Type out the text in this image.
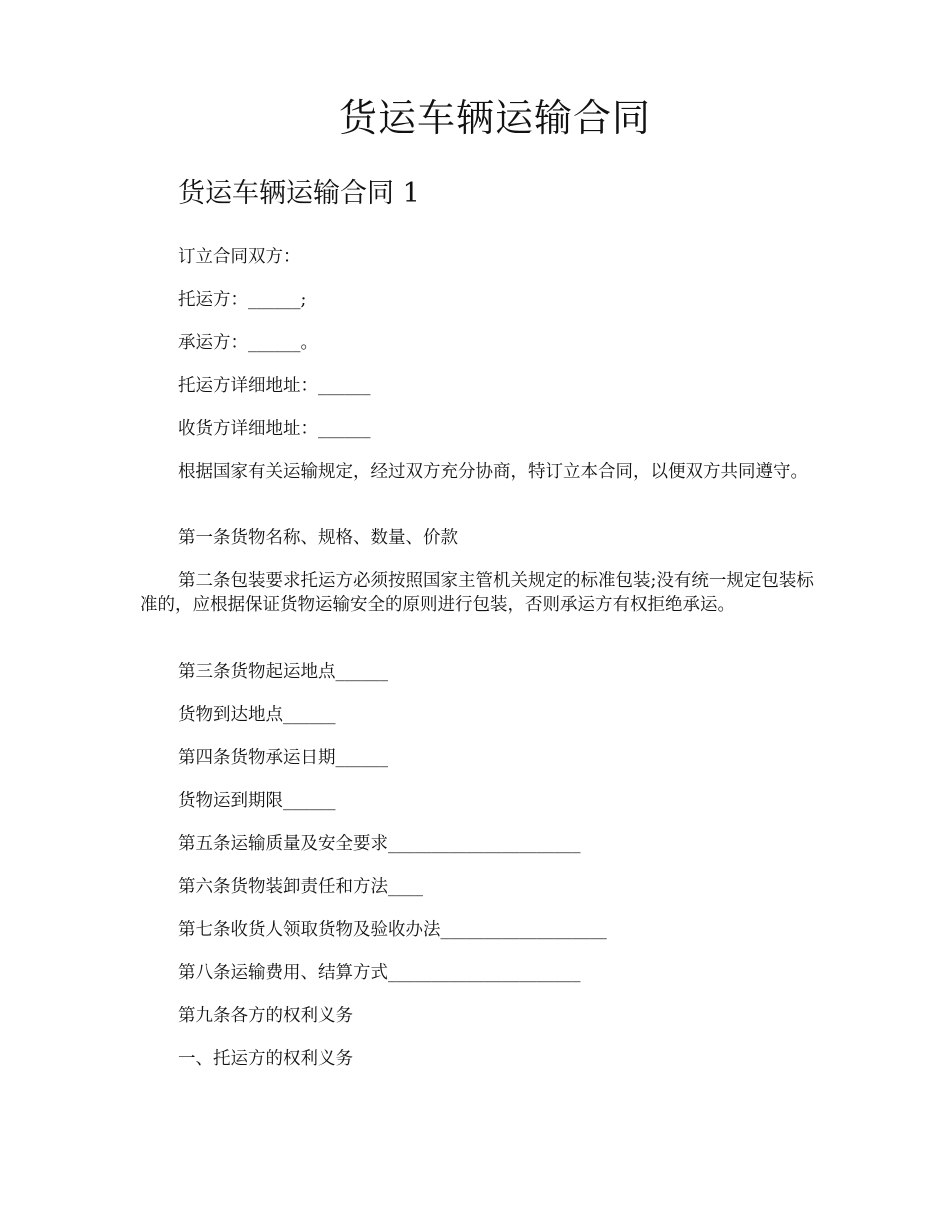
货运车辆运输合同
货运车辆运输合同 1

订立合同双方：

托运方：______;

承运方：______。

托运方详细地址：______

收货方详细地址：______

根据国家有关运输规定，经过双方充分协商，特订立本合同，以便双方共同遵守。

第一条货物名称、规格、数量、价款

第二条包装要求托运方必须按照国家主管机关规定的标准包装;没有统一规定包装标准的，应根据保证货物运输安全的原则进行包装，否则承运方有权拒绝承运。

第三条货物起运地点______

货物到达地点______

第四条货物承运日期______

货物运到期限______

第五条运输质量及安全要求______________________

第六条货物装卸责任和方法____

第七条收货人领取货物及验收办法___________________

第八条运输费用、结算方式______________________

第九条各方的权利义务

一、托运方的权利义务
